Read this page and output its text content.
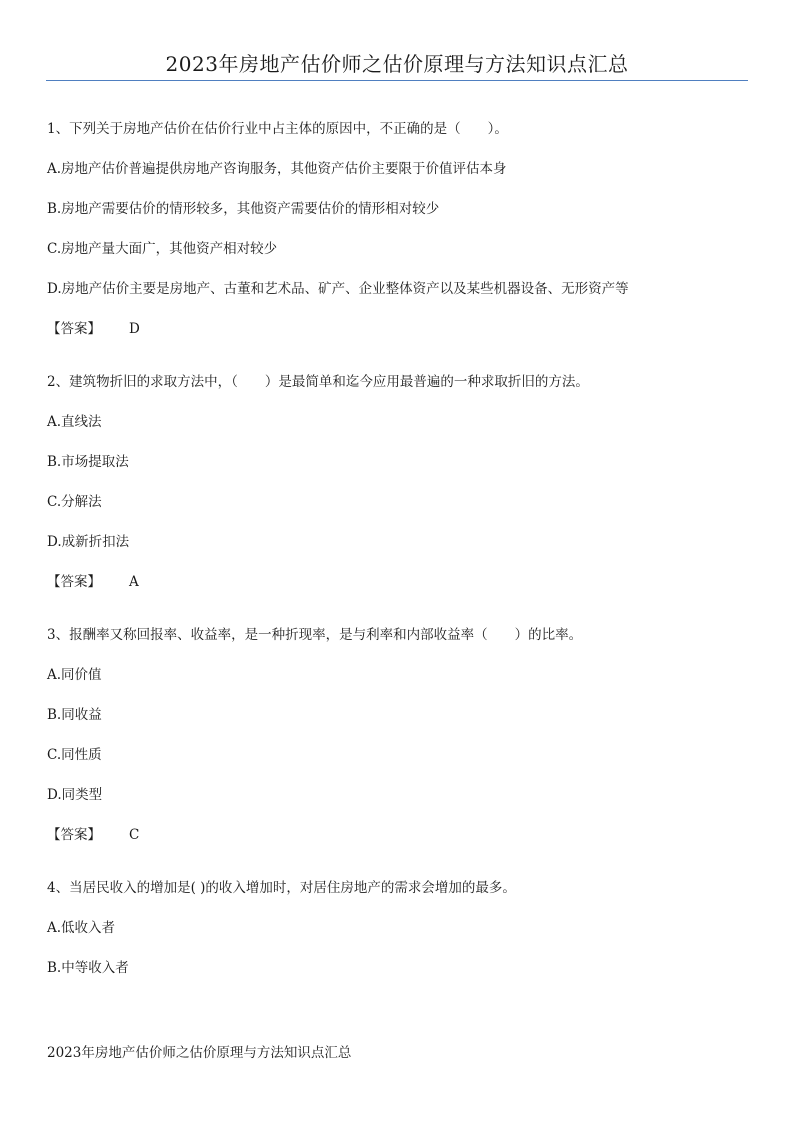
2023年房地产估价师之估价原理与方法知识点汇总
1、下列关于房地产估价在估价行业中占主体的原因中，不正确的是（　　）。
A.房地产估价普遍提供房地产咨询服务，其他资产估价主要限于价值评估本身
B.房地产需要估价的情形较多，其他资产需要估价的情形相对较少
C.房地产量大面广，其他资产相对较少
D.房地产估价主要是房地产、古董和艺术品、矿产、企业整体资产以及某些机器设备、无形资产等
【答案】 D
2、建筑物折旧的求取方法中，（　　）是最简单和迄今应用最普遍的一种求取折旧的方法。
A.直线法
B.市场提取法
C.分解法
D.成新折扣法
【答案】 A
3、报酬率又称回报率、收益率，是一种折现率，是与利率和内部收益率（　　）的比率。
A.同价值
B.同收益
C.同性质
D.同类型
【答案】 C
4、当居民收入的增加是( )的收入增加时，对居住房地产的需求会增加的最多。
A.低收入者
B.中等收入者
2023年房地产估价师之估价原理与方法知识点汇总
